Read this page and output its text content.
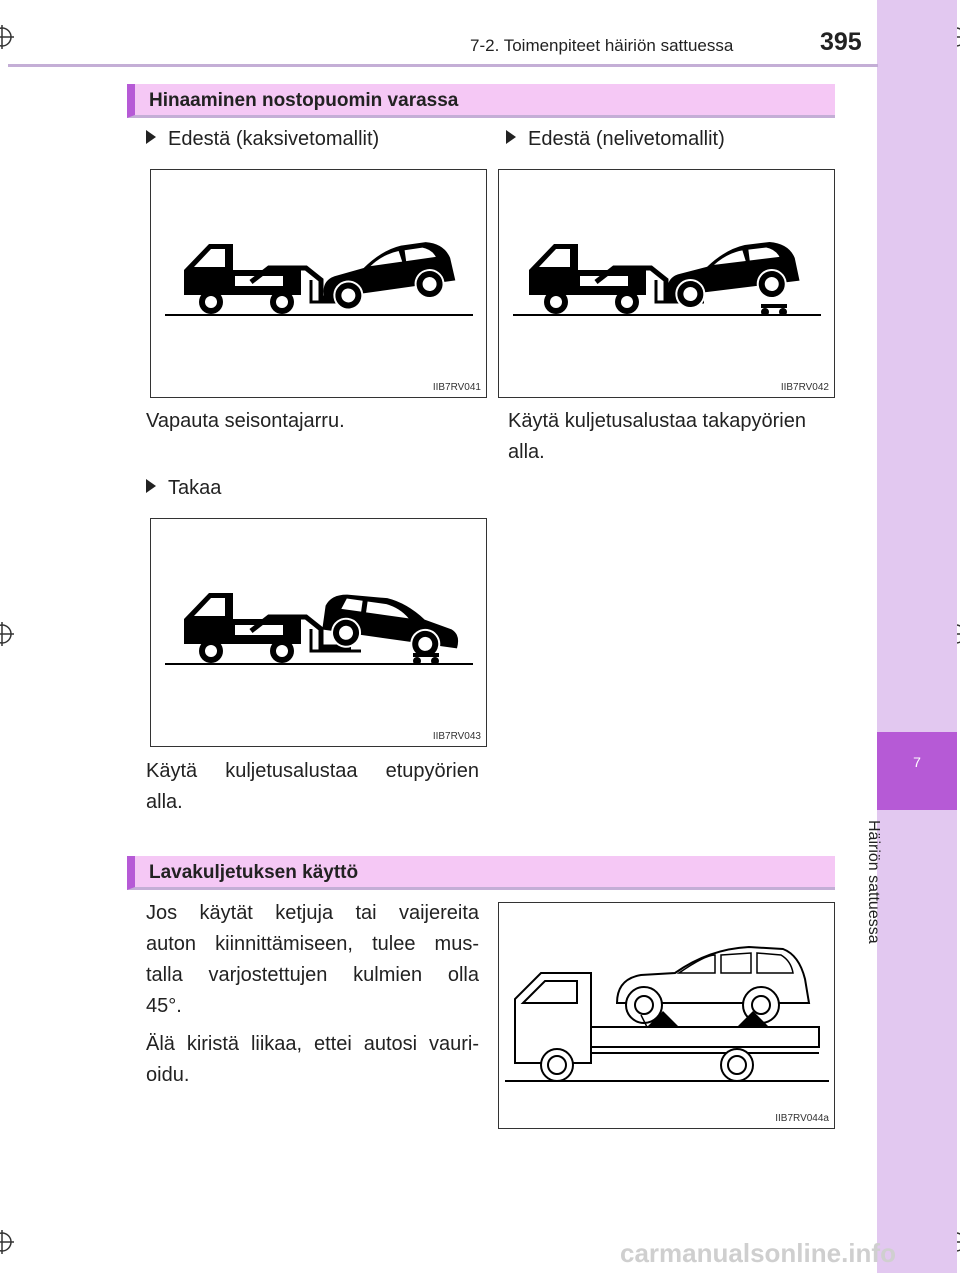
7
Häiriön sattuessa
7-2. Toimenpiteet häiriön sattuessa	395
Hinaaminen nostopuomin varassa
Edestä (kaksivetomallit)	Edestä (nelivetomallit)
IIB7RV041	IIB7RV042
Vapauta seisontajarru.	Käytä kuljetusalustaa takapyörien
alla.
Takaa
IIB7RV043
Käytä kuljetusalustaa etupyörien
alla.
Lavakuljetuksen käyttö
Jos käytät ketjuja tai vaijereita
auton kiinnittämiseen, tulee mus-
talla varjostettujen kulmien olla
45°.
Älä kiristä liikaa, ettei autosi vauri-
oidu.
IIB7RV044a
carmanualsonline.info
